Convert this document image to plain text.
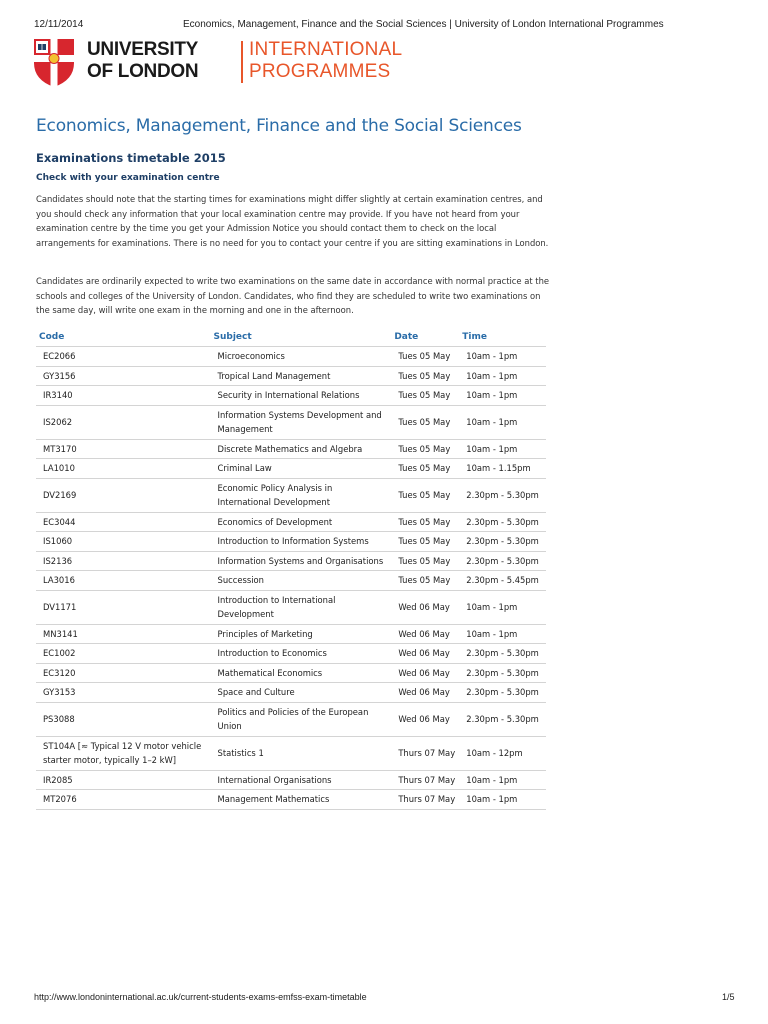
12/11/2014	Economics, Management, Finance and the Social Sciences | University of London International Programmes
UNIVERSITY
OF LONDON
INTERNATIONAL
PROGRAMMES
Economics, Management, Finance and the Social Sciences
Examinations timetable 2015
Check with your examination centre

Candidates should note that the starting times for examinations might differ slightly at certain examination centres, and you should check any information that your local examination centre may provide. If you have not heard from your examination centre by the time you get your Admission Notice you should contact them to check on the local arrangements for examinations. There is no need for you to contact your centre if you are sitting examinations in London.

Candidates are ordinarily expected to write two examinations on the same date in accordance with normal practice at the schools and colleges of the University of London. Candidates, who find they are scheduled to write two examinations on the same day, will write one exam in the morning and one in the afternoon.

Code	Subject	Date	Time
EC2066	Microeconomics	Tues 05 May	10am - 1pm
GY3156	Tropical Land Management	Tues 05 May	10am - 1pm
IR3140	Security in International Relations	Tues 05 May	10am - 1pm
IS2062	Information Systems Development and Management	Tues 05 May	10am - 1pm
MT3170	Discrete Mathematics and Algebra	Tues 05 May	10am - 1pm
LA1010	Criminal Law	Tues 05 May	10am - 1.15pm
DV2169	Economic Policy Analysis in International Development	Tues 05 May	2.30pm - 5.30pm
EC3044	Economics of Development	Tues 05 May	2.30pm - 5.30pm
IS1060	Introduction to Information Systems	Tues 05 May	2.30pm - 5.30pm
IS2136	Information Systems and Organisations	Tues 05 May	2.30pm - 5.30pm
LA3016	Succession	Tues 05 May	2.30pm - 5.45pm
DV1171	Introduction to International Development	Wed 06 May	10am - 1pm
MN3141	Principles of Marketing	Wed 06 May	10am - 1pm
EC1002	Introduction to Economics	Wed 06 May	2.30pm - 5.30pm
EC3120	Mathematical Economics	Wed 06 May	2.30pm - 5.30pm
GY3153	Space and Culture	Wed 06 May	2.30pm - 5.30pm
PS3088	Politics and Policies of the European Union	Wed 06 May	2.30pm - 5.30pm
ST104A [≈ Typical 12 V motor vehicle starter motor, typically 1–2 kW]	Statistics 1	Thurs 07 May	10am - 12pm
IR2085	International Organisations	Thurs 07 May	10am - 1pm
MT2076	Management Mathematics	Thurs 07 May	10am - 1pm
http://www.londoninternational.ac.uk/current-students-exams-emfss-exam-timetable	1/5
